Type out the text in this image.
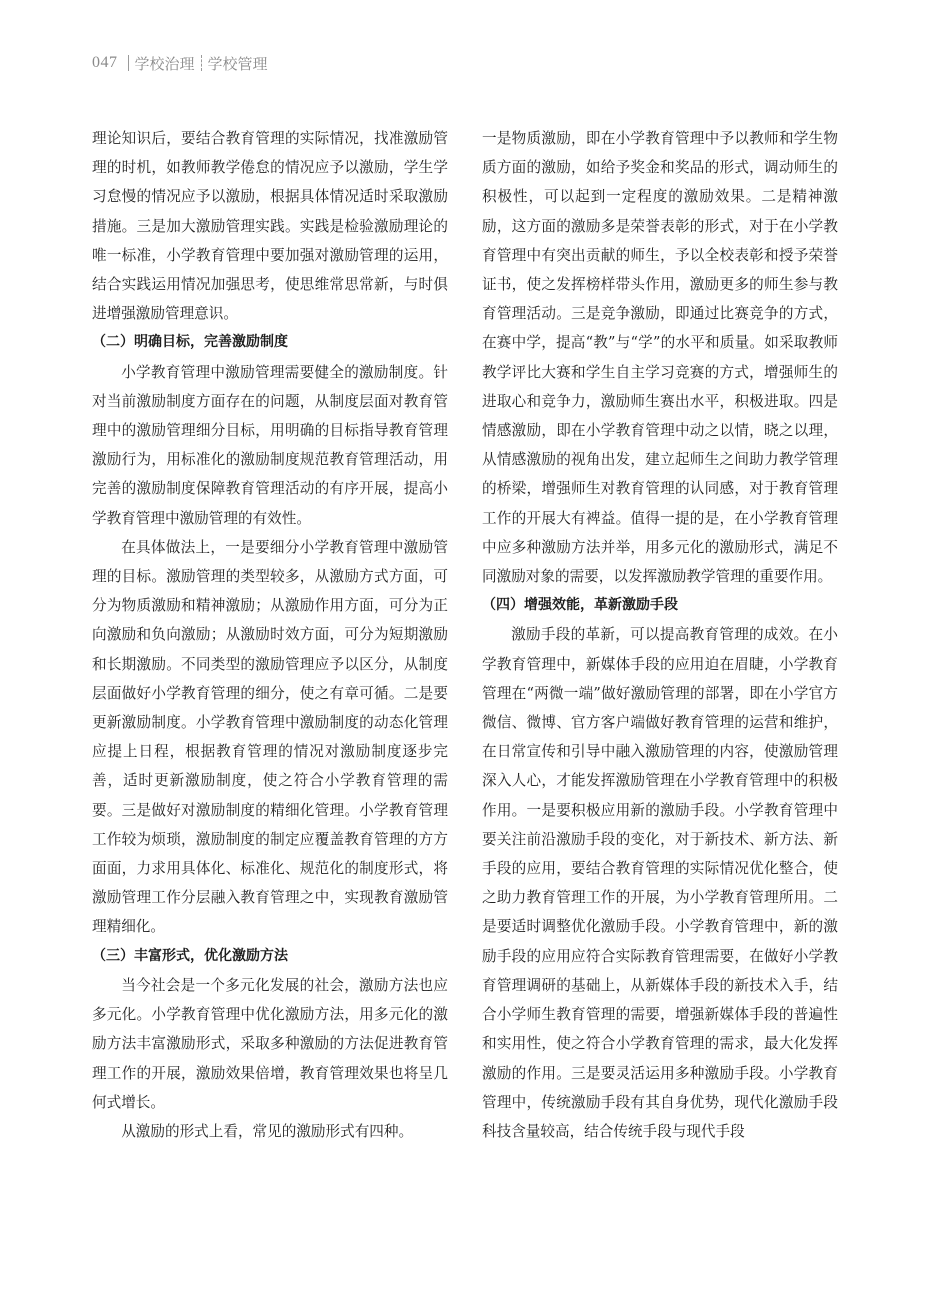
047 学校治理 学校管理

理论知识后，要结合教育管理的实际情况，找准激励管理的时机，如教师教学倦怠的情况应予以激励，学生学习怠慢的情况应予以激励，根据具体情况适时采取激励措施。三是加大激励管理实践。实践是检验激励理论的唯一标准，小学教育管理中要加强对激励管理的运用，结合实践运用情况加强思考，使思维常思常新，与时俱进增强激励管理意识。

（二）明确目标，完善激励制度

小学教育管理中激励管理需要健全的激励制度。针对当前激励制度方面存在的问题，从制度层面对教育管理中的激励管理细分目标，用明确的目标指导教育管理激励行为，用标准化的激励制度规范教育管理活动，用完善的激励制度保障教育管理活动的有序开展，提高小学教育管理中激励管理的有效性。

在具体做法上，一是要细分小学教育管理中激励管理的目标。激励管理的类型较多，从激励方式方面，可分为物质激励和精神激励；从激励作用方面，可分为正向激励和负向激励；从激励时效方面，可分为短期激励和长期激励。不同类型的激励管理应予以区分，从制度层面做好小学教育管理的细分，使之有章可循。二是要更新激励制度。小学教育管理中激励制度的动态化管理应提上日程，根据教育管理的情况对激励制度逐步完善，适时更新激励制度，使之符合小学教育管理的需要。三是做好对激励制度的精细化管理。小学教育管理工作较为烦琐，激励制度的制定应覆盖教育管理的方方面面，力求用具体化、标准化、规范化的制度形式，将激励管理工作分层融入教育管理之中，实现教育激励管理精细化。

（三）丰富形式，优化激励方法

当今社会是一个多元化发展的社会，激励方法也应多元化。小学教育管理中优化激励方法，用多元化的激励方法丰富激励形式，采取多种激励的方法促进教育管理工作的开展，激励效果倍增，教育管理效果也将呈几何式增长。

从激励的形式上看，常见的激励形式有四种。

一是物质激励，即在小学教育管理中予以教师和学生物质方面的激励，如给予奖金和奖品的形式，调动师生的积极性，可以起到一定程度的激励效果。二是精神激励，这方面的激励多是荣誉表彰的形式，对于在小学教育管理中有突出贡献的师生，予以全校表彰和授予荣誉证书，使之发挥榜样带头作用，激励更多的师生参与教育管理活动。三是竞争激励，即通过比赛竞争的方式，在赛中学，提高“教”与“学”的水平和质量。如采取教师教学评比大赛和学生自主学习竞赛的方式，增强师生的进取心和竞争力，激励师生赛出水平，积极进取。四是情感激励，即在小学教育管理中动之以情，晓之以理，从情感激励的视角出发，建立起师生之间助力教学管理的桥梁，增强师生对教育管理的认同感，对于教育管理工作的开展大有裨益。值得一提的是，在小学教育管理中应多种激励方法并举，用多元化的激励形式，满足不同激励对象的需要，以发挥激励教学管理的重要作用。

（四）增强效能，革新激励手段

激励手段的革新，可以提高教育管理的成效。在小学教育管理中，新媒体手段的应用迫在眉睫，小学教育管理在“两微一端”做好激励管理的部署，即在小学官方微信、微博、官方客户端做好教育管理的运营和维护，在日常宣传和引导中融入激励管理的内容，使激励管理深入人心，才能发挥激励管理在小学教育管理中的积极作用。一是要积极应用新的激励手段。小学教育管理中要关注前沿激励手段的变化，对于新技术、新方法、新手段的应用，要结合教育管理的实际情况优化整合，使之助力教育管理工作的开展，为小学教育管理所用。二是要适时调整优化激励手段。小学教育管理中，新的激励手段的应用应符合实际教育管理需要，在做好小学教育管理调研的基础上，从新媒体手段的新技术入手，结合小学师生教育管理的需要，增强新媒体手段的普遍性和实用性，使之符合小学教育管理的需求，最大化发挥激励的作用。三是要灵活运用多种激励手段。小学教育管理中，传统激励手段有其自身优势，现代化激励手段科技含量较高，结合传统手段与现代手段
